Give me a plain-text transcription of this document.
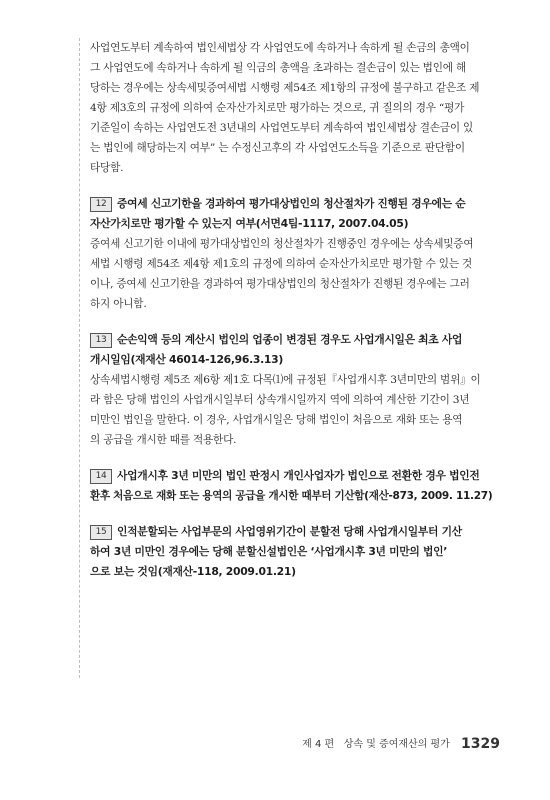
사업연도부터 계속하여 법인세법상 각 사업연도에 속하거나 속하게 될 손금의 총액이
그 사업연도에 속하거나 속하게 될 익금의 총액을 초과하는 결손금이 있는 법인에 해
당하는 경우에는 상속세및증여세법 시행령 제54조 제1항의 규정에 불구하고 같은조 제
4항 제3호의 규정에 의하여 순자산가치로만 평가하는 것으로, 귀 질의의 경우 “평가
기준일이 속하는 사업연도전 3년내의 사업연도부터 계속하여 법인세법상 결손금이 있
는 법인에 해당하는지 여부” 는 수정신고후의 각 사업연도소득을 기준으로 판단함이
타당함.
12 증여세 신고기한을 경과하여 평가대상법인의 청산절차가 진행된 경우에는 순
자산가치로만 평가할 수 있는지 여부(서면4팀-1117, 2007.04.05)
증여세 신고기한 이내에 평가대상법인의 청산절차가 진행중인 경우에는 상속세및증여
세법 시행령 제54조 제4항 제1호의 규정에 의하여 순자산가치로만 평가할 수 있는 것
이나, 증여세 신고기한을 경과하여 평가대상법인의 청산절차가 진행된 경우에는 그러
하지 아니함.
13 순손익액 등의 계산시 법인의 업종이 변경된 경우도 사업개시일은 최초 사업
개시일임(재재산 46014-126,96.3.13)
상속세법시행령 제5조 제6항 제1호 다목⑴에 규정된『사업개시후 3년미만의 범위』이
라 함은 당해 법인의 사업개시일부터 상속개시일까지 역에 의하여 계산한 기간이 3년
미만인 법인을 말한다. 이 경우, 사업개시일은 당해 법인이 처음으로 재화 또는 용역
의 공급을 개시한 때를 적용한다.
14 사업개시후 3년 미만의 법인 판정시 개인사업자가 법인으로 전환한 경우 법인전
환후 처음으로 재화 또는 용역의 공급을 개시한 때부터 기산함(재산-873, 2009. 11.27)
15 인적분할되는 사업부문의 사업영위기간이 분할전 당해 사업개시일부터 기산
하여 3년 미만인 경우에는 당해 분할신설법인은 ‘사업개시후 3년 미만의 법인’
으로 보는 것임(재재산-118, 2009.01.21)
제 4 편 상속 및 증여재산의 평가 1329
